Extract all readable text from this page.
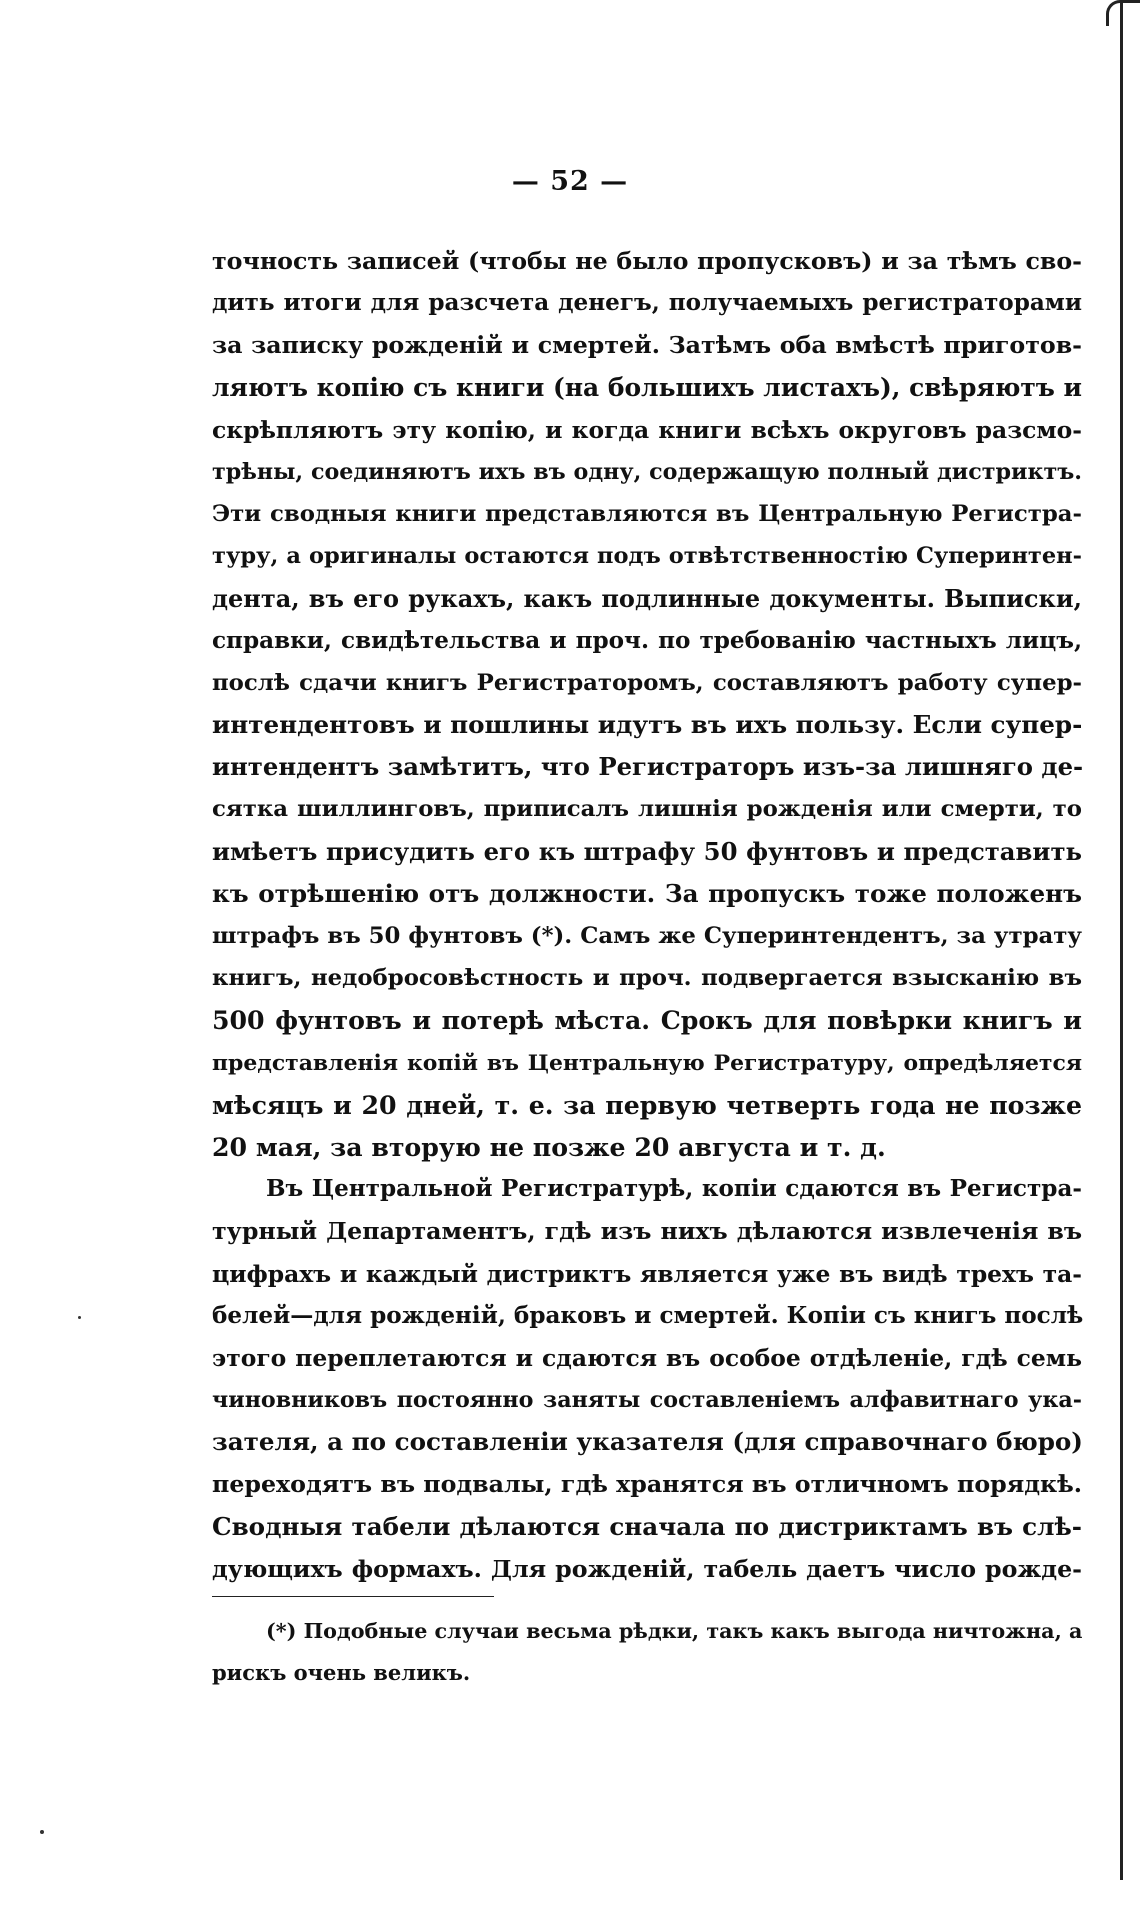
— 52 —
точность записей (чтобы не было пропусковъ) и за тѣмъ сво-
дить итоги для разсчета денегъ, получаемыхъ регистраторами
за записку рожденій и смертей. Затѣмъ оба вмѣстѣ приготов-
ляютъ копію съ книги (на большихъ листахъ), свѣряютъ и
скрѣпляютъ эту копію, и когда книги всѣхъ округовъ разсмо-
трѣны, соединяютъ ихъ въ одну, содержащую полный дистриктъ.
Эти сводныя книги представляются въ Центральную Регистра-
туру, а оригиналы остаются подъ отвѣтственностію Суперинтен-
дента, въ его рукахъ, какъ подлинные документы. Выписки,
справки, свидѣтельства и проч. по требованію частныхъ лицъ,
послѣ сдачи книгъ Регистраторомъ, составляютъ работу супер-
интендентовъ и пошлины идутъ въ ихъ пользу. Если супер-
интендентъ замѣтитъ, что Регистраторъ изъ-за лишняго де-
сятка шиллинговъ, приписалъ лишнія рожденія или смерти, то
имѣетъ присудить его къ штрафу 50 фунтовъ и представить
къ отрѣшенію отъ должности. За пропускъ тоже положенъ
штрафъ въ 50 фунтовъ (*). Самъ же Суперинтендентъ, за утрату
книгъ, недобросовѣстность и проч. подвергается взысканію въ
500 фунтовъ и потерѣ мѣста. Срокъ для повѣрки книгъ и
представленія копій въ Центральную Регистратуру, опредѣляется
мѣсяцъ и 20 дней, т. е. за первую четверть года не позже
20 мая, за вторую не позже 20 августа и т. д.
Въ Центральной Регистратурѣ, копіи сдаются въ Регистра-
турный Департаментъ, гдѣ изъ нихъ дѣлаются извлеченія въ
цифрахъ и каждый дистриктъ является уже въ видѣ трехъ та-
белей—для рожденій, браковъ и смертей. Копіи съ книгъ послѣ
этого переплетаются и сдаются въ особое отдѣленіе, гдѣ семь
чиновниковъ постоянно заняты составленіемъ алфавитнаго ука-
зателя, а по составленіи указателя (для справочнаго бюро)
переходятъ въ подвалы, гдѣ хранятся въ отличномъ порядкѣ.
Сводныя табели дѣлаются сначала по дистриктамъ въ слѣ-
дующихъ формахъ. Для рожденій, табель даетъ число рожде-
(*) Подобные случаи весьма рѣдки, такъ какъ выгода ничтожна, а
рискъ очень великъ.
